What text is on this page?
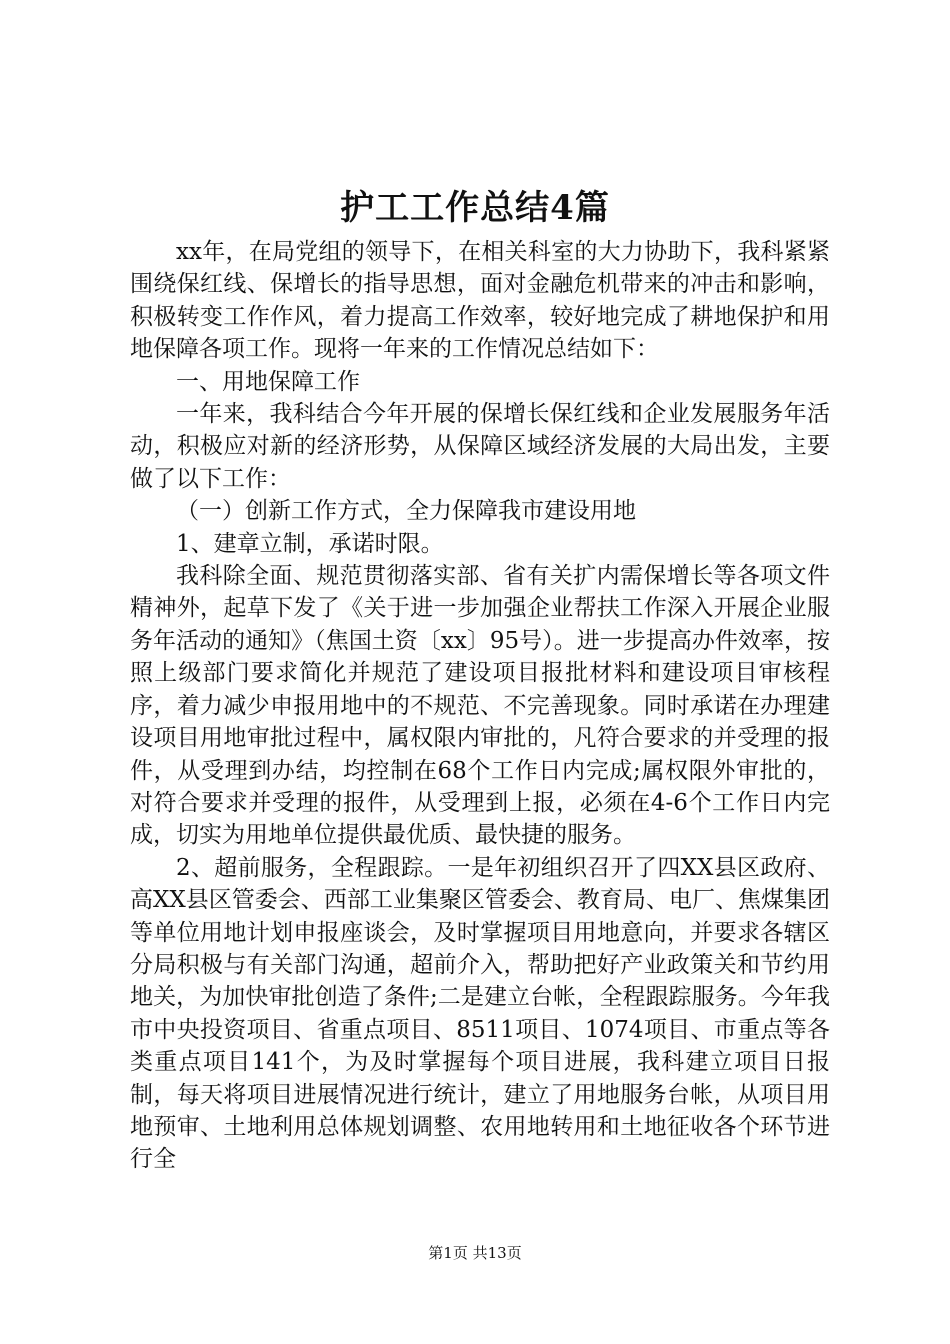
护工工作总结4篇

xx年，在局党组的领导下，在相关科室的大力协助下，我科紧紧围绕保红线、保增长的指导思想，面对金融危机带来的冲击和影响，积极转变工作作风，着力提高工作效率，较好地完成了耕地保护和用地保障各项工作。现将一年来的工作情况总结如下：

一、用地保障工作

一年来，我科结合今年开展的保增长保红线和企业发展服务年活动，积极应对新的经济形势，从保障区域经济发展的大局出发，主要做了以下工作：

（一）创新工作方式，全力保障我市建设用地

1、建章立制，承诺时限。

我科除全面、规范贯彻落实部、省有关扩内需保增长等各项文件精神外，起草下发了《关于进一步加强企业帮扶工作深入开展企业服务年活动的通知》（焦国土资〔xx〕95号）。进一步提高办件效率，按照上级部门要求简化并规范了建设项目报批材料和建设项目审核程序，着力减少申报用地中的不规范、不完善现象。同时承诺在办理建设项目用地审批过程中，属权限内审批的，凡符合要求的并受理的报件，从受理到办结，均控制在68个工作日内完成;属权限外审批的，对符合要求并受理的报件，从受理到上报，必须在4-6个工作日内完成，切实为用地单位提供最优质、最快捷的服务。

2、超前服务，全程跟踪。一是年初组织召开了四XX县区政府、高XX县区管委会、西部工业集聚区管委会、教育局、电厂、焦煤集团等单位用地计划申报座谈会，及时掌握项目用地意向，并要求各辖区分局积极与有关部门沟通，超前介入，帮助把好产业政策关和节约用地关，为加快审批创造了条件;二是建立台帐，全程跟踪服务。今年我市中央投资项目、省重点项目、8511项目、1074项目、市重点等各类重点项目141个，为及时掌握每个项目进展，我科建立项目日报制，每天将项目进展情况进行统计，建立了用地服务台帐，从项目用地预审、土地利用总体规划调整、农用地转用和土地征收各个环节进行全

第1页 共13页
